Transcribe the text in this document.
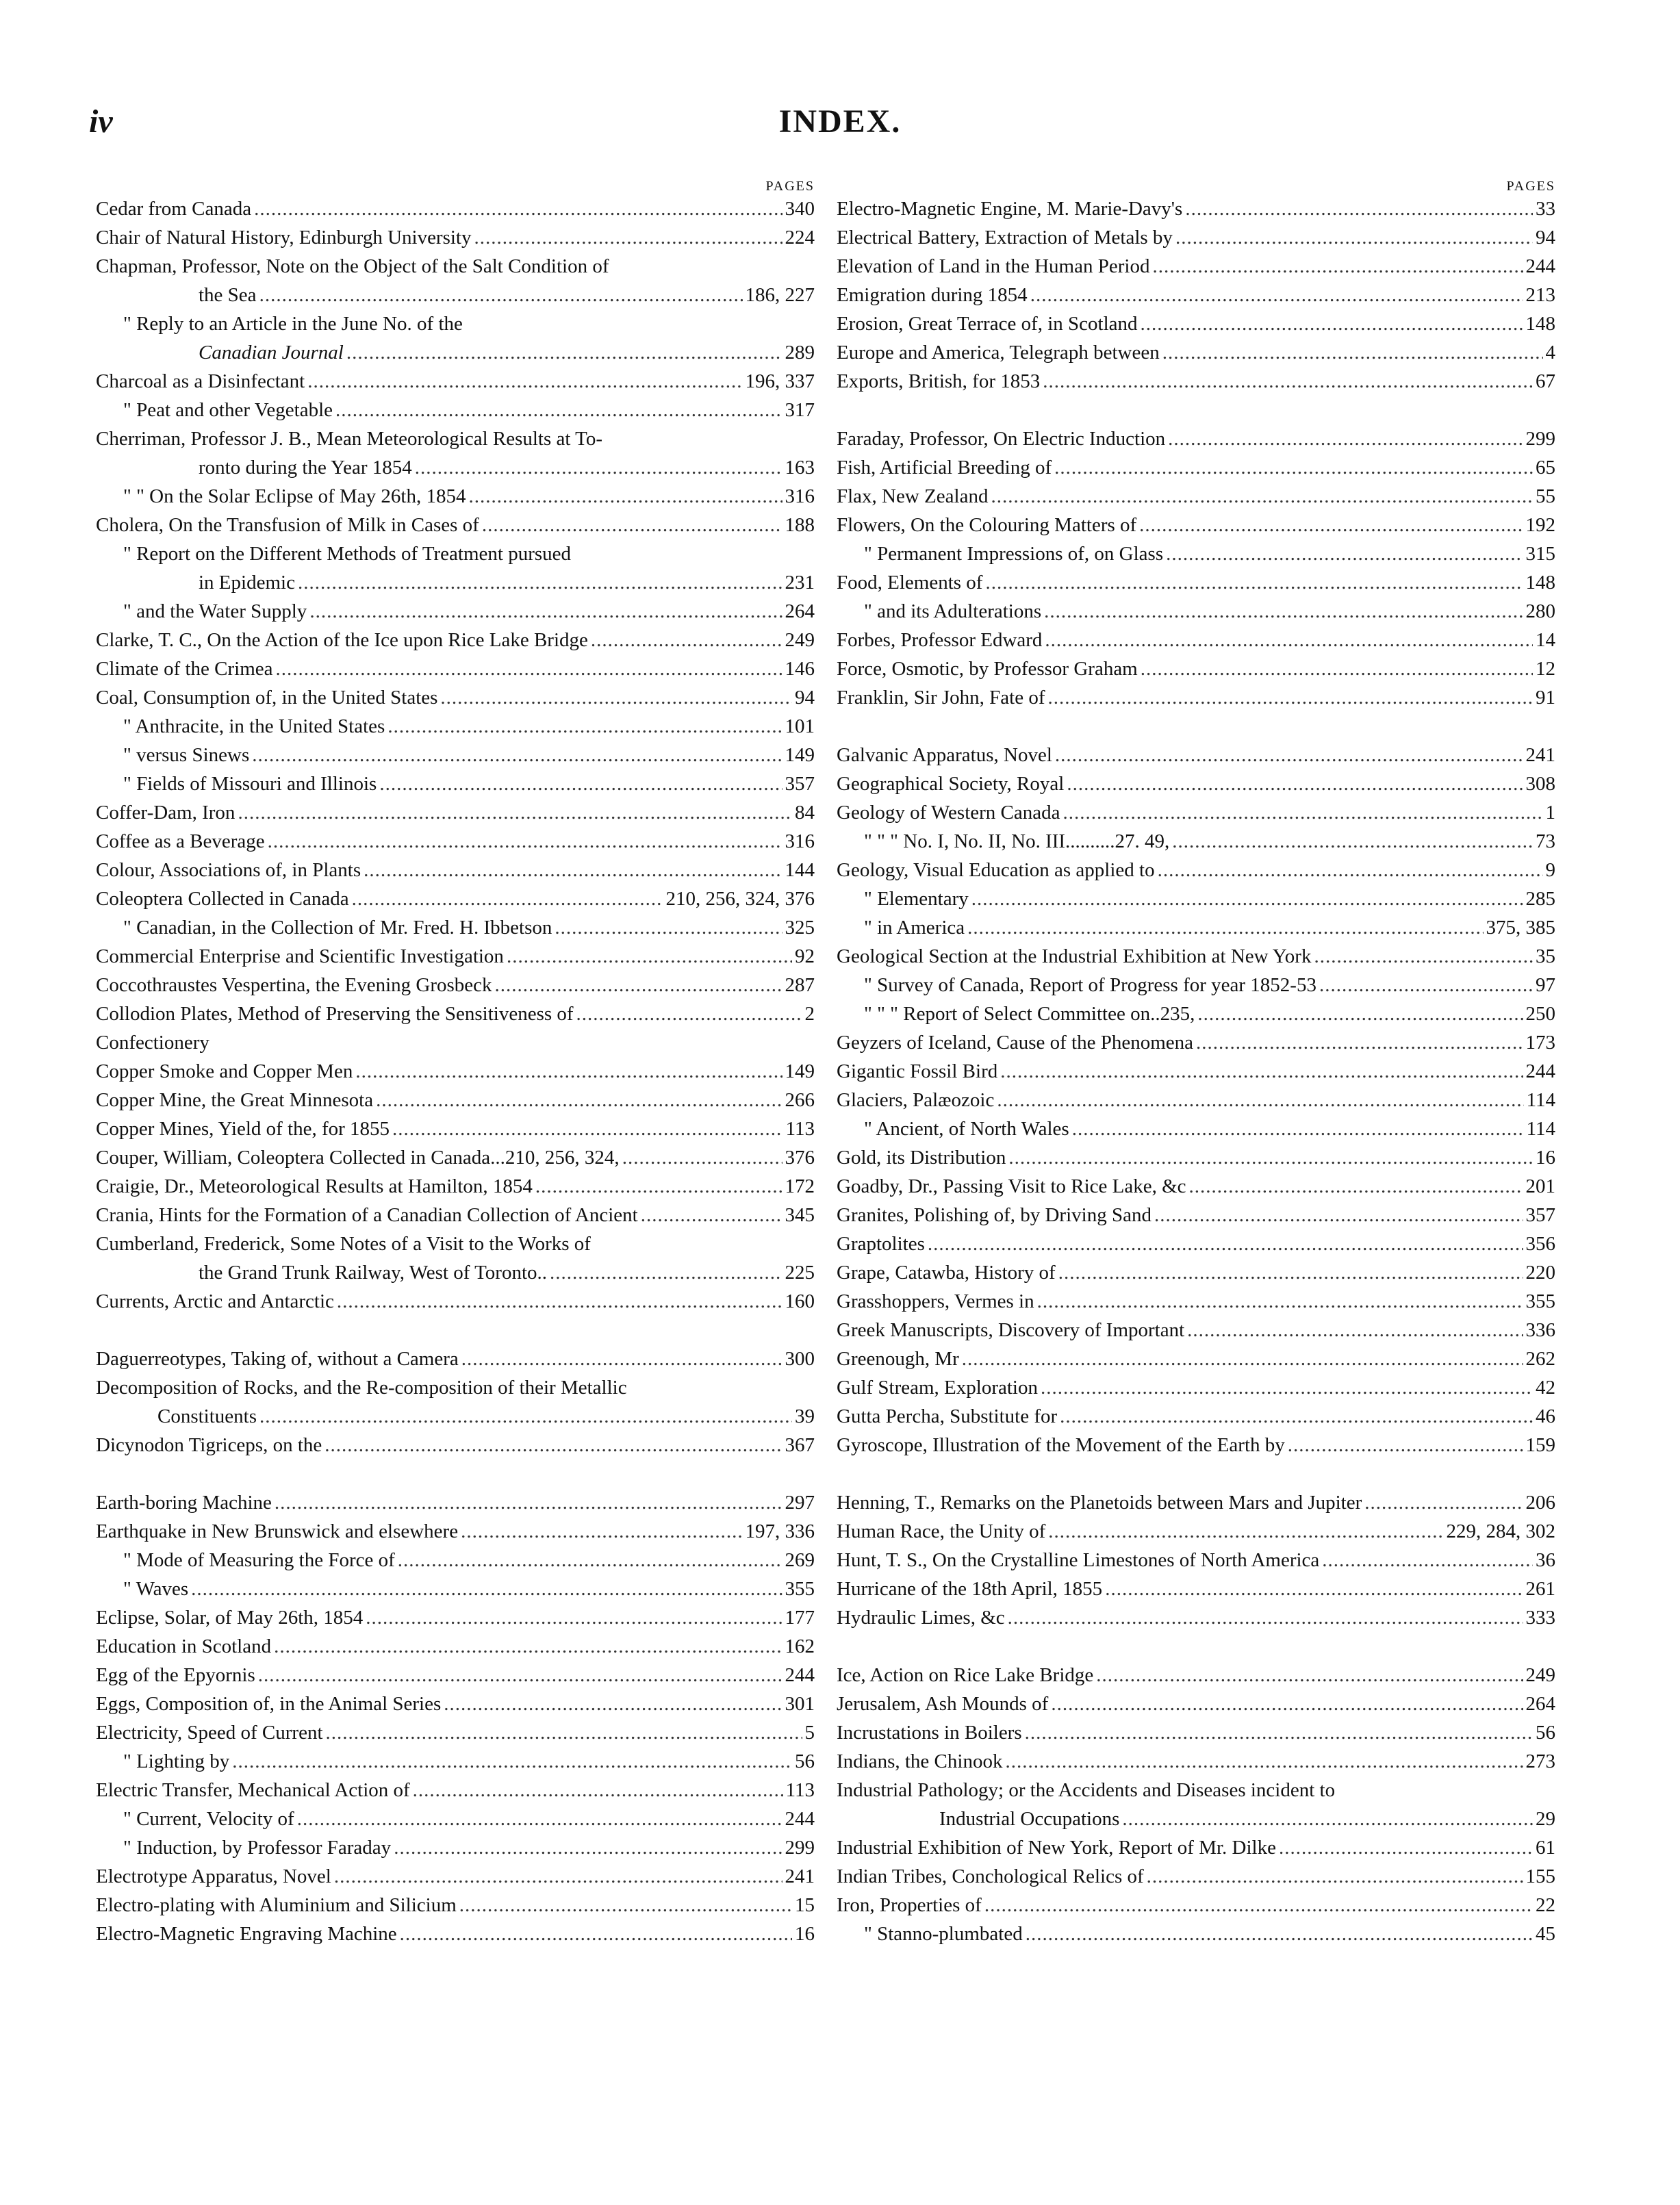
iv	INDEX.
PAGES
Cedar from Canada .....	340
Chair of Natural History, Edinburgh University .....	224
Chapman, Professor, Note on the Object of the Salt Condition of
the Sea .....	186, 227
" Reply to an Article in the June No. of the
Canadian Journal .....	289
Charcoal as a Disinfectant .....	196, 337
" Peat and other Vegetable .....	317
Cherriman, Professor J. B., Mean Meteorological Results at To-
ronto during the Year 1854 .....	163
" " On the Solar Eclipse of May 26th, 1854 .....	316
Cholera, On the Transfusion of Milk in Cases of .....	188
" Report on the Different Methods of Treatment pursued
in Epidemic .....	231
" and the Water Supply .....	264
Clarke, T. C., On the Action of the Ice upon Rice Lake Bridge .....	249
Climate of the Crimea .....	146
Coal, Consumption of, in the United States .....	94
" Anthracite, in the United States .....	101
" versus Sinews .....	149
" Fields of Missouri and Illinois .....	357
Coffer-Dam, Iron .....	84
Coffee as a Beverage .....	316
Colour, Associations of, in Plants .....	144
Coleoptera Collected in Canada .....	210, 256, 324, 376
" Canadian, in the Collection of Mr. Fred. H. Ibbetson .....	325
Commercial Enterprise and Scientific Investigation .....	92
Coccothraustes Vespertina, the Evening Grosbeck .....	287
Collodion Plates, Method of Preserving the Sensitiveness of .....	2
Confectionery
Copper Smoke and Copper Men .....	149
Copper Mine, the Great Minnesota .....	266
Copper Mines, Yield of the, for 1855 .....	113
Couper, William, Coleoptera Collected in Canada...210, 256, 324, .....	376
Craigie, Dr., Meteorological Results at Hamilton, 1854 .....	172
Crania, Hints for the Formation of a Canadian Collection of Ancient .....	345
Cumberland, Frederick, Some Notes of a Visit to the Works of
the Grand Trunk Railway, West of Toronto.. .....	225
Currents, Arctic and Antarctic .....	160
Daguerreotypes, Taking of, without a Camera .....	300
Decomposition of Rocks, and the Re-composition of their Metallic
Constituents .....	39
Dicynodon Tigriceps, on the .....	367
Earth-boring Machine .....	297
Earthquake in New Brunswick and elsewhere .....	197, 336
" Mode of Measuring the Force of .....	269
" Waves .....	355
Eclipse, Solar, of May 26th, 1854 .....	177
Education in Scotland .....	162
Egg of the Epyornis .....	244
Eggs, Composition of, in the Animal Series .....	301
Electricity, Speed of Current .....	5
" Lighting by .....	56
Electric Transfer, Mechanical Action of .....	113
" Current, Velocity of .....	244
" Induction, by Professor Faraday .....	299
Electrotype Apparatus, Novel .....	241
Electro-plating with Aluminium and Silicium .....	15
Electro-Magnetic Engraving Machine .....	16
PAGES
Electro-Magnetic Engine, M. Marie-Davy's .....	33
Electrical Battery, Extraction of Metals by .....	94
Elevation of Land in the Human Period .....	244
Emigration during 1854 .....	213
Erosion, Great Terrace of, in Scotland .....	148
Europe and America, Telegraph between .....	4
Exports, British, for 1853 .....	67
Faraday, Professor, On Electric Induction .....	299
Fish, Artificial Breeding of .....	65
Flax, New Zealand .....	55
Flowers, On the Colouring Matters of .....	192
" Permanent Impressions of, on Glass .....	315
Food, Elements of .....	148
" and its Adulterations .....	280
Forbes, Professor Edward .....	14
Force, Osmotic, by Professor Graham .....	12
Franklin, Sir John, Fate of .....	91
Galvanic Apparatus, Novel .....	241
Geographical Society, Royal .....	308
Geology of Western Canada .....	1
" " " No. I, No. II, No. III..........27. 49, .....	73
Geology, Visual Education as applied to .....	9
" Elementary .....	285
" in America .....	375, 385
Geological Section at the Industrial Exhibition at New York .....	35
" Survey of Canada, Report of Progress for year 1852-53 .....	97
" " " Report of Select Committee on..235, .....	250
Geyzers of Iceland, Cause of the Phenomena .....	173
Gigantic Fossil Bird .....	244
Glaciers, Palæozoic .....	114
" Ancient, of North Wales .....	114
Gold, its Distribution .....	16
Goadby, Dr., Passing Visit to Rice Lake, &c .....	201
Granites, Polishing of, by Driving Sand .....	357
Graptolites .....	356
Grape, Catawba, History of .....	220
Grasshoppers, Vermes in .....	355
Greek Manuscripts, Discovery of Important .....	336
Greenough, Mr .....	262
Gulf Stream, Exploration .....	42
Gutta Percha, Substitute for .....	46
Gyroscope, Illustration of the Movement of the Earth by .....	159
Henning, T., Remarks on the Planetoids between Mars and Jupiter .....	206
Human Race, the Unity of .....	229, 284, 302
Hunt, T. S., On the Crystalline Limestones of North America .....	36
Hurricane of the 18th April, 1855 .....	261
Hydraulic Limes, &c .....	333
Ice, Action on Rice Lake Bridge .....	249
Jerusalem, Ash Mounds of .....	264
Incrustations in Boilers .....	56
Indians, the Chinook .....	273
Industrial Pathology; or the Accidents and Diseases incident to
Industrial Occupations .....	29
Industrial Exhibition of New York, Report of Mr. Dilke .....	61
Indian Tribes, Conchological Relics of .....	155
Iron, Properties of .....	22
" Stanno-plumbated .....	45
